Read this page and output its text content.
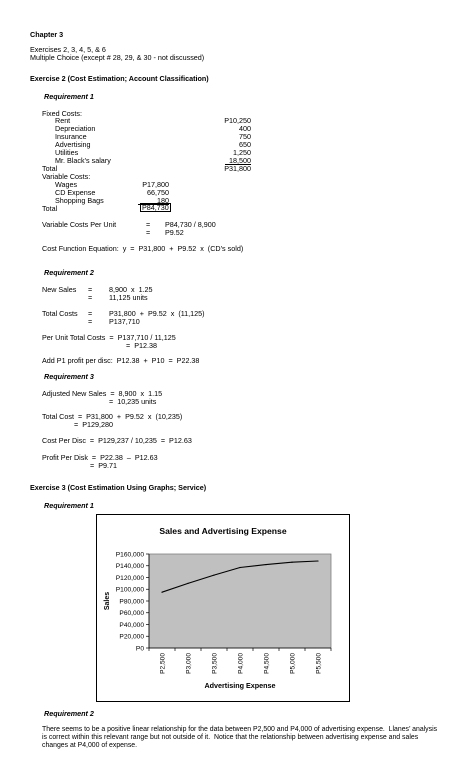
Chapter 3
Exercises 2, 3, 4, 5, & 6
Multiple Choice (except # 28, 29, & 30 - not discussed)
Exercise 2 (Cost Estimation; Account Classification)
Requirement 1
Fixed Costs:
Rent	P10,250
Depreciation	400
Insurance	750
Advertising	650
Utilities	1,250
Mr. Black’s salary	18,500
Total	P31,800
Variable Costs:
Wages	P17,800
CD Expense	66,750
Shopping Bags	180
Total	P84,730
Variable Costs Per Unit	= P84,730 / 8,900
= P9.52
Cost Function Equation:  y  =  P31,800  +  P9.52  x  (CD’s sold)
Requirement 2
New Sales = 8,900  x  1.25
= 11,125 units
Total Costs = P31,800  +  P9.52  x  (11,125)
= P137,710
Per Unit Total Costs  =  P137,710 / 11,125
=  P12.38
Add P1 profit per disc:  P12.38  +  P10  =  P22.38
Requirement 3
Adjusted New Sales  =  8,900  x  1.15
=  10,235 units
Total Cost  =  P31,800  +  P9.52  x  (10,235)
=  P129,280
Cost Per Disc  =  P129,237 / 10,235  =  P12.63
Profit Per Disk  =  P22.38  –  P12.63
=  P9.71
Exercise 3 (Cost Estimation Using Graphs; Service)
Requirement 1
Sales and Advertising Expense
P0
P20,000
P40,000
P60,000
P80,000
P100,000
P120,000
P140,000
P160,000
P2,500	P3,000	P3,500	P4,000	P4,500	P5,000	P5,500
Sales
Advertising Expense
Requirement 2
There seems to be a positive linear relationship for the data between P2,500 and P4,000 of advertising expense.  Llanes’ analysis
is correct within this relevant range but not outside of it.  Notice that the relationship between advertising expense and sales
changes at P4,000 of expense.
